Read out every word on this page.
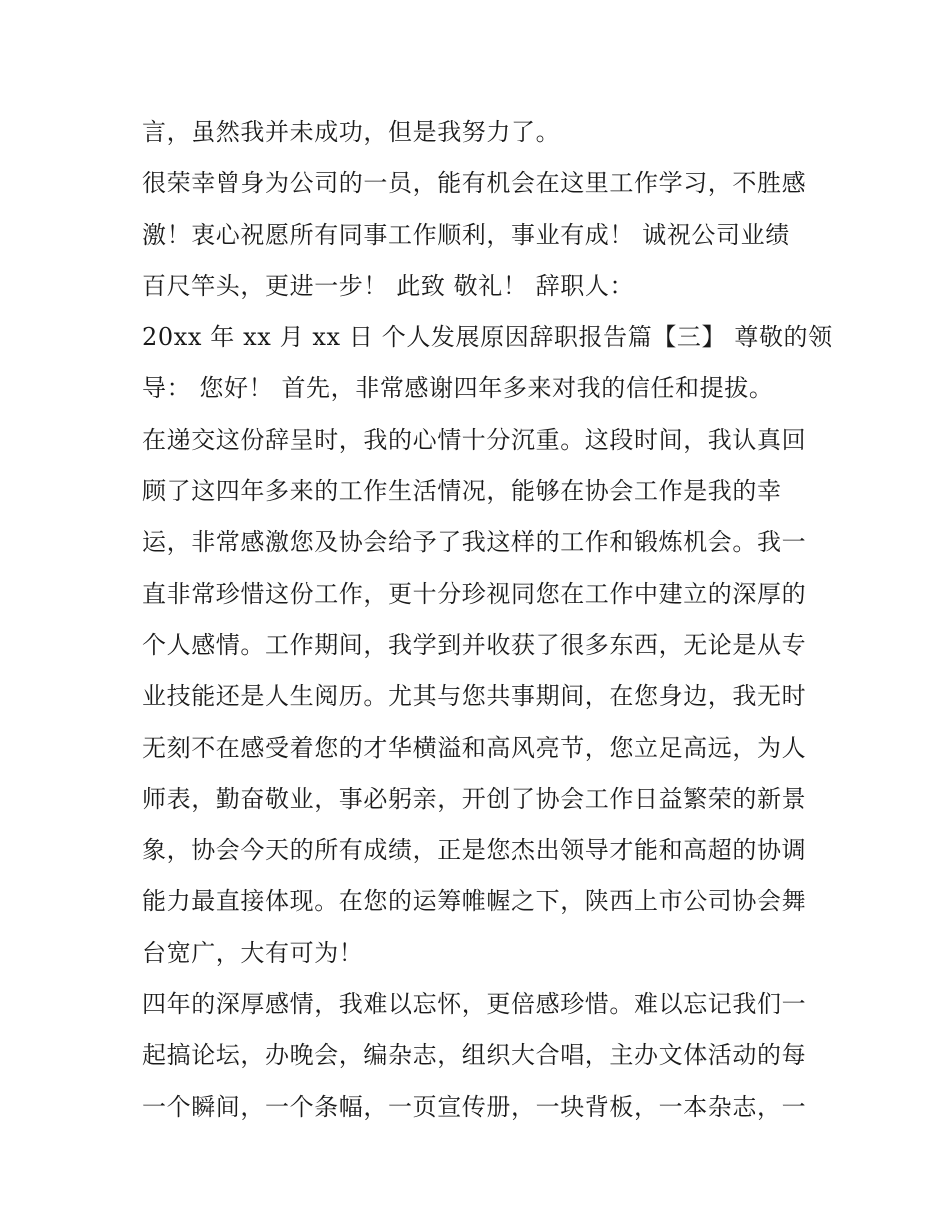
言，虽然我并未成功，但是我努力了。
很荣幸曾身为公司的一员，能有机会在这里工作学习，不胜感
激！衷心祝愿所有同事工作顺利，事业有成！ 诚祝公司业绩
百尺竿头，更进一步！ 此致 敬礼！ 辞职人：
20xx 年 xx 月 xx 日 个人发展原因辞职报告篇【三】 尊敬的领
导： 您好！ 首先，非常感谢四年多来对我的信任和提拔。
在递交这份辞呈时，我的心情十分沉重。这段时间，我认真回
顾了这四年多来的工作生活情况，能够在协会工作是我的幸
运，非常感激您及协会给予了我这样的工作和锻炼机会。我一
直非常珍惜这份工作，更十分珍视同您在工作中建立的深厚的
个人感情。工作期间，我学到并收获了很多东西，无论是从专
业技能还是人生阅历。尤其与您共事期间，在您身边，我无时
无刻不在感受着您的才华横溢和高风亮节，您立足高远，为人
师表，勤奋敬业，事必躬亲，开创了协会工作日益繁荣的新景
象，协会今天的所有成绩，正是您杰出领导才能和高超的协调
能力最直接体现。在您的运筹帷幄之下，陕西上市公司协会舞
台宽广，大有可为！
四年的深厚感情，我难以忘怀，更倍感珍惜。难以忘记我们一
起搞论坛，办晚会，编杂志，组织大合唱，主办文体活动的每
一个瞬间，一个条幅，一页宣传册，一块背板，一本杂志，一
